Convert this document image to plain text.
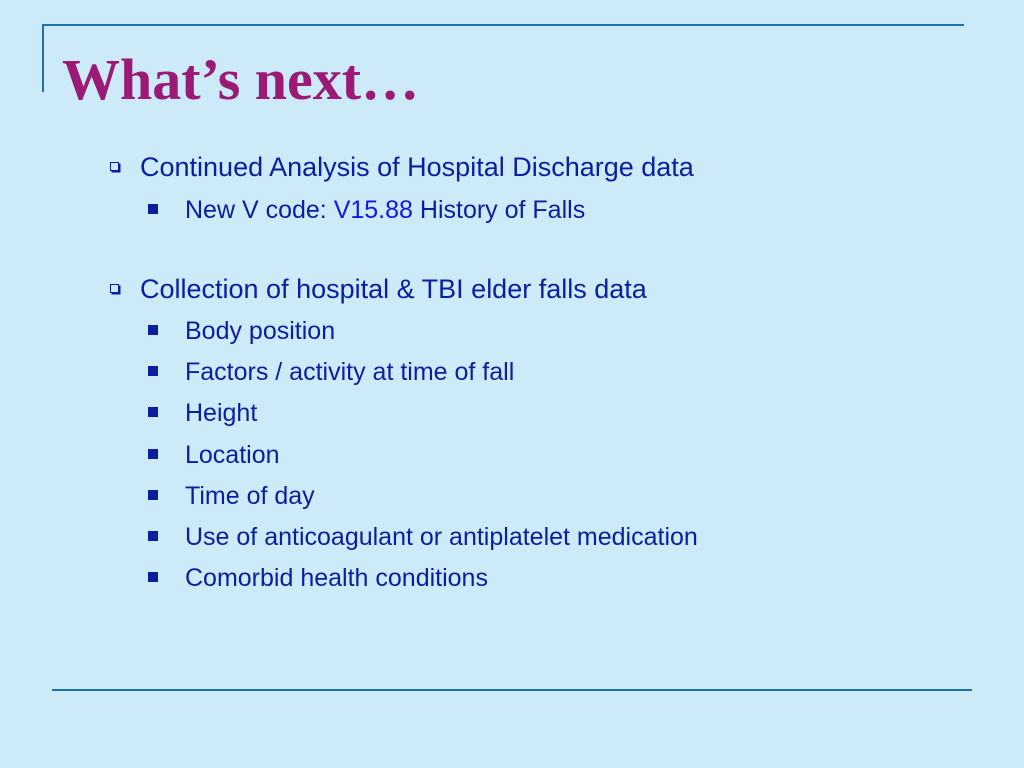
What’s next…
Continued Analysis of Hospital Discharge data
New V code: V15.88 History of Falls
Collection of hospital & TBI elder falls data
Body position
Factors / activity at time of fall
Height
Location
Time of day
Use of anticoagulant or antiplatelet medication
Comorbid health conditions
